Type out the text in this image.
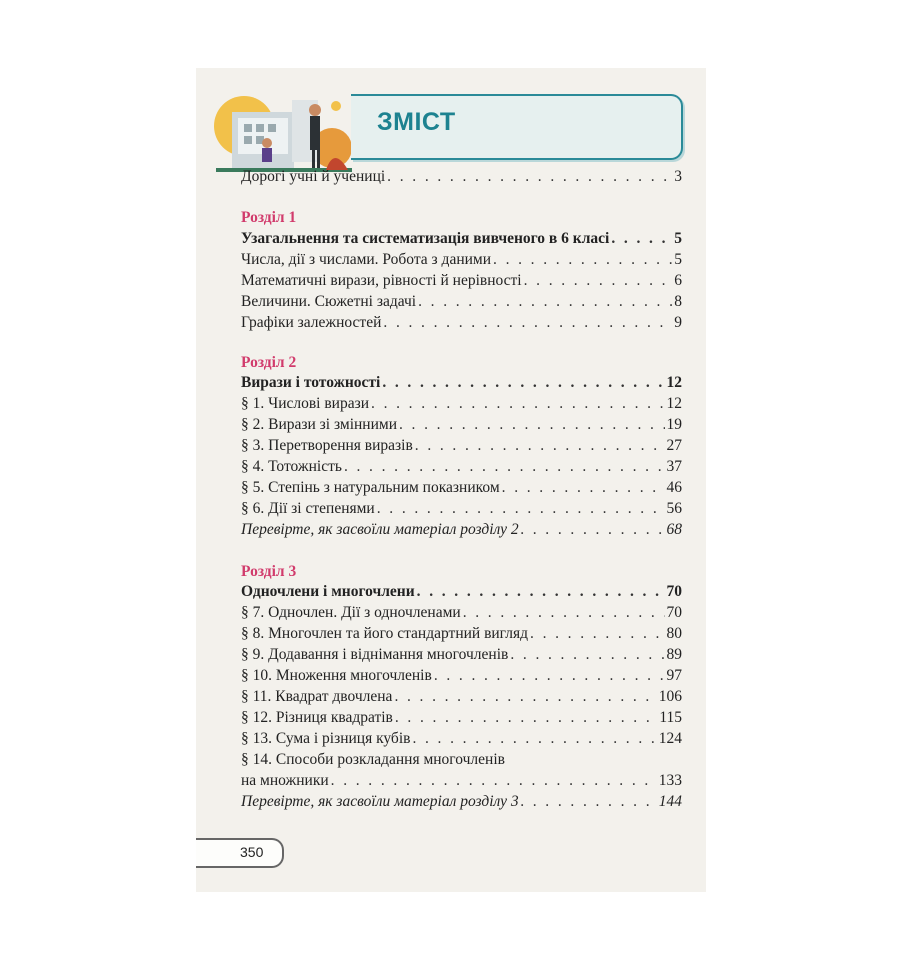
ЗМІСТ
Дорогі учні й учениці . . .	3
Розділ 1
Узагальнення та систематизація вивченого в 6 класі . . .	5
Числа, дії з числами. Робота з даними . . .	5
Математичні вирази, рівності й нерівності . . .	6
Величини. Сюжетні задачі . . .	8
Графіки залежностей . . .	9
Розділ 2
Вирази і тотожності . . .	12
§ 1. Числові вирази . . .	12
§ 2. Вирази зі змінними . . .	19
§ 3. Перетворення виразів . . .	27
§ 4. Тотожність . . .	37
§ 5. Степінь з натуральним показником . . .	46
§ 6. Дії зі степенями . . .	56
Перевірте, як засвоїли матеріал розділу 2 . . .	68
Розділ 3
Одночлени і многочлени . . .	70
§ 7. Одночлен. Дії з одночленами . . .	70
§ 8. Многочлен та його стандартний вигляд . . .	80
§ 9. Додавання і віднімання многочленів . . .	89
§ 10. Множення многочленів . . .	97
§ 11. Квадрат двочлена . . .	106
§ 12. Різниця квадратів . . .	115
§ 13. Сума і різниця кубів . . .	124
§ 14. Способи розкладання многочленів
на множники . . .	133
Перевірте, як засвоїли матеріал розділу 3 . . .	144
350
